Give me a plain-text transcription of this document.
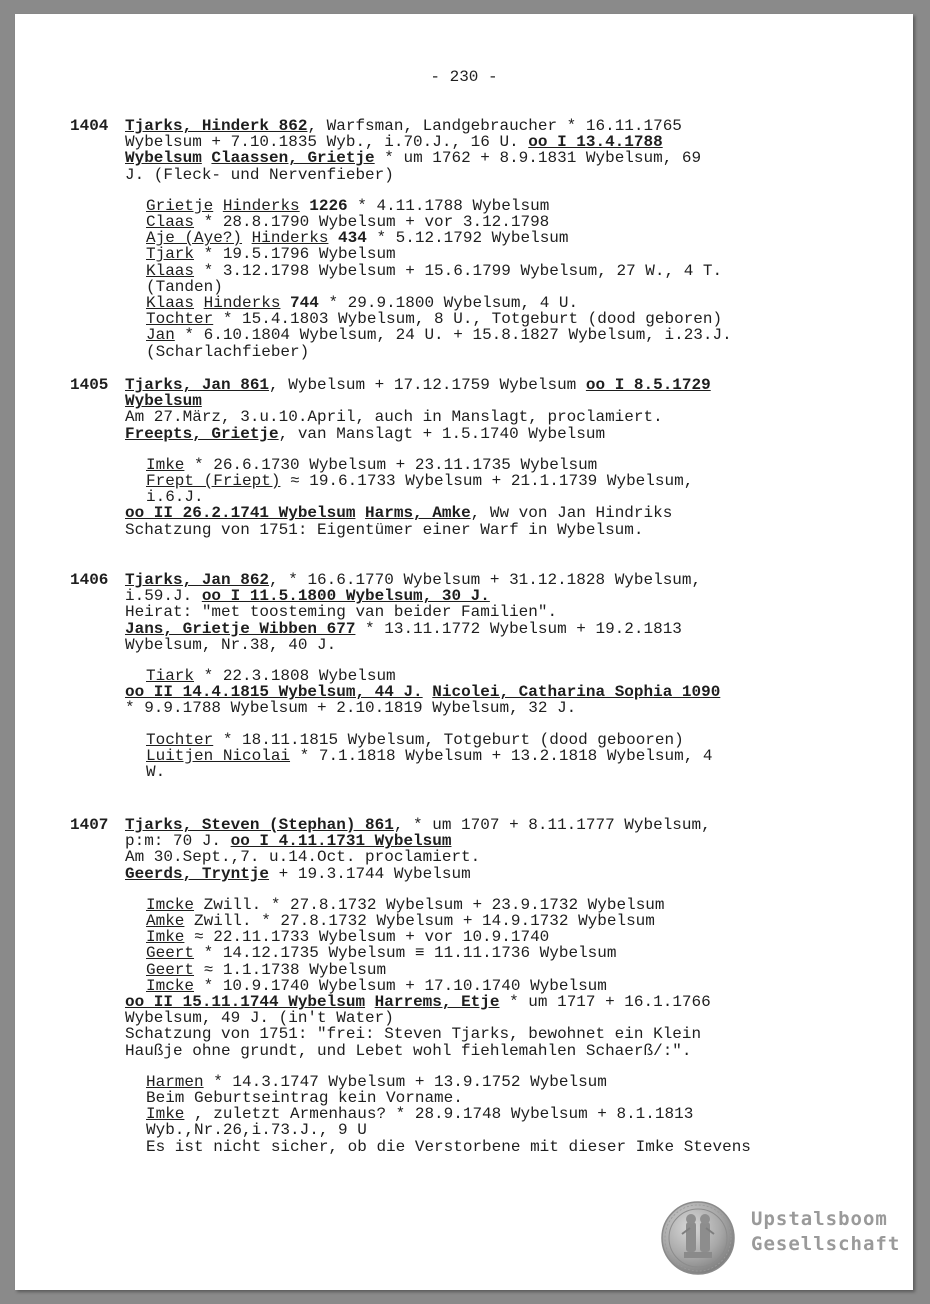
- 230 -
1404 Tjarks, Hinderk 862, Warfsman, Landgebraucher * 16.11.1765

Wybelsum + 7.10.1835 Wyb., i.70.J., 16 U. oo I 13.4.1788

Wybelsum Claassen, Grietje * um 1762 + 8.9.1831 Wybelsum, 69

J. (Fleck- und Nervenfieber)

Grietje Hinderks 1226 * 4.11.1788 Wybelsum

Claas * 28.8.1790 Wybelsum + vor 3.12.1798

Aje (Aye?) Hinderks 434 * 5.12.1792 Wybelsum

Tjark * 19.5.1796 Wybelsum

Klaas * 3.12.1798 Wybelsum + 15.6.1799 Wybelsum, 27 W., 4 T.

(Tanden)

Klaas Hinderks 744 * 29.9.1800 Wybelsum, 4 U.

Tochter * 15.4.1803 Wybelsum, 8 U., Totgeburt (dood geboren)

Jan * 6.10.1804 Wybelsum, 24 U. + 15.8.1827 Wybelsum, i.23.J.

(Scharlachfieber)

1405 Tjarks, Jan 861, Wybelsum + 17.12.1759 Wybelsum oo I 8.5.1729

Wybelsum

Am 27.März, 3.u.10.April, auch in Manslagt, proclamiert.

Freepts, Grietje, van Manslagt + 1.5.1740 Wybelsum

Imke * 26.6.1730 Wybelsum + 23.11.1735 Wybelsum

Frept (Friept) ≈ 19.6.1733 Wybelsum + 21.1.1739 Wybelsum,

i.6.J.

oo II 26.2.1741 Wybelsum Harms, Amke, Ww von Jan Hindriks

Schatzung von 1751: Eigentümer einer Warf in Wybelsum.

1406 Tjarks, Jan 862, * 16.6.1770 Wybelsum + 31.12.1828 Wybelsum,

i.59.J. oo I 11.5.1800 Wybelsum, 30 J.

Heirat: "met toosteming van beider Familien".

Jans, Grietje Wibben 677 * 13.11.1772 Wybelsum + 19.2.1813

Wybelsum, Nr.38, 40 J.

Tiark * 22.3.1808 Wybelsum

oo II 14.4.1815 Wybelsum, 44 J. Nicolei, Catharina Sophia 1090

* 9.9.1788 Wybelsum + 2.10.1819 Wybelsum, 32 J.

Tochter * 18.11.1815 Wybelsum, Totgeburt (dood gebooren)

Luitjen Nicolai * 7.1.1818 Wybelsum + 13.2.1818 Wybelsum, 4

W.

1407 Tjarks, Steven (Stephan) 861, * um 1707 + 8.11.1777 Wybelsum,

p:m: 70 J. oo I 4.11.1731 Wybelsum

Am 30.Sept.,7. u.14.Oct. proclamiert.

Geerds, Tryntje + 19.3.1744 Wybelsum

Imcke Zwill. * 27.8.1732 Wybelsum + 23.9.1732 Wybelsum

Amke Zwill. * 27.8.1732 Wybelsum + 14.9.1732 Wybelsum

Imke ≈ 22.11.1733 Wybelsum + vor 10.9.1740

Geert * 14.12.1735 Wybelsum ≡ 11.11.1736 Wybelsum

Geert ≈ 1.1.1738 Wybelsum

Imcke * 10.9.1740 Wybelsum + 17.10.1740 Wybelsum

oo II 15.11.1744 Wybelsum Harrems, Etje * um 1717 + 16.1.1766

Wybelsum, 49 J. (in't Water)

Schatzung von 1751: "frei: Steven Tjarks, bewohnet ein Klein

Haußje ohne grundt, und Lebet wohl fiehlemahlen Schaerß/:".

Harmen * 14.3.1747 Wybelsum + 13.9.1752 Wybelsum

Beim Geburtseintrag kein Vorname.

Imke , zuletzt Armenhaus? * 28.9.1748 Wybelsum + 8.1.1813

Wyb.,Nr.26,i.73.J., 9 U

Es ist nicht sicher, ob die Verstorbene mit dieser Imke Stevens

Upstalsboom
Gesellschaft
